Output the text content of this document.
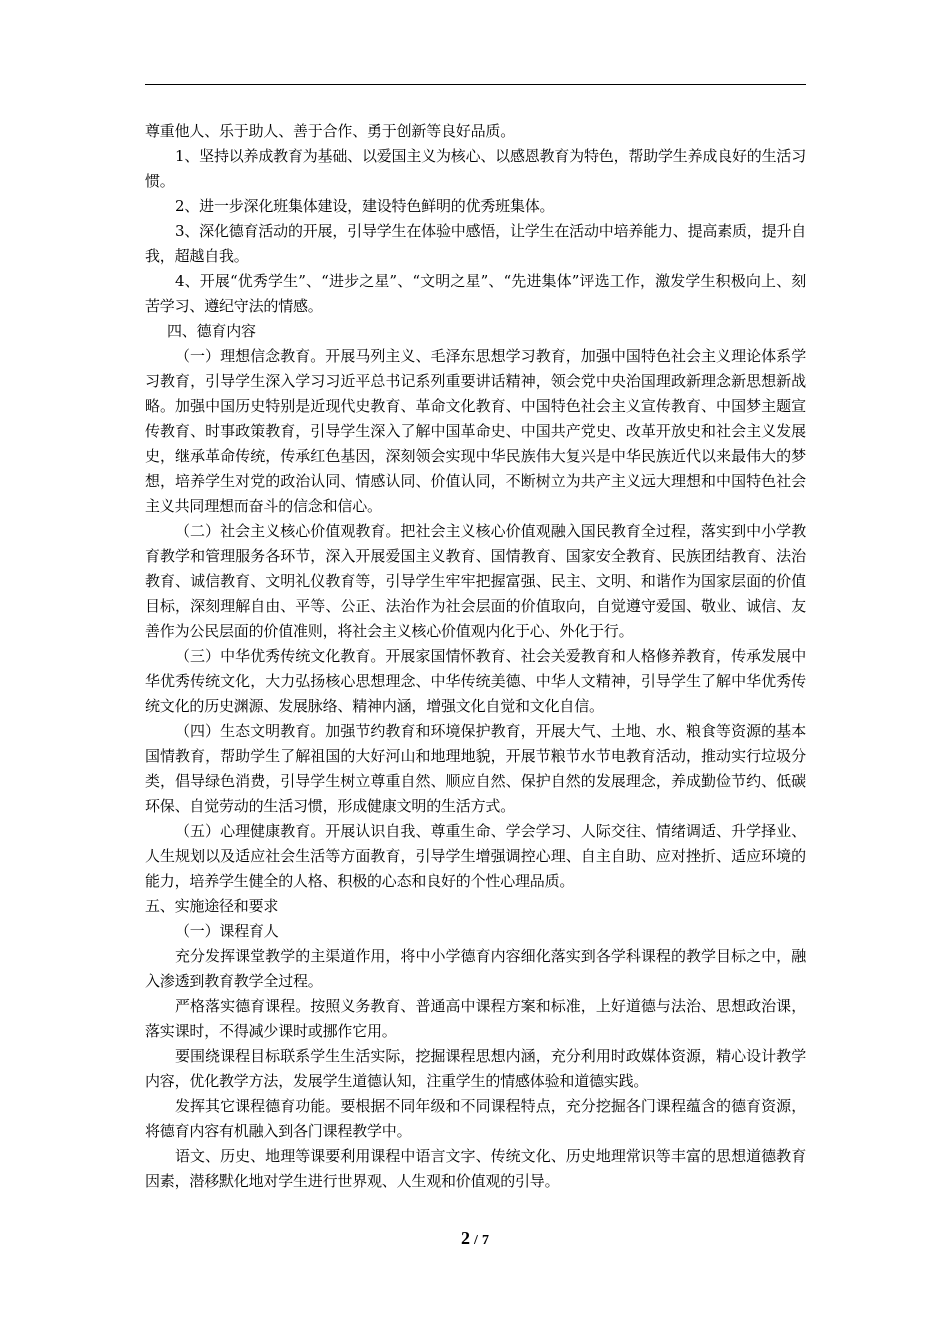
尊重他人、乐于助人、善于合作、勇于创新等良好品质。

1、坚持以养成教育为基础、以爱国主义为核心、以感恩教育为特色，帮助学生养成良好的生活习惯。

2、进一步深化班集体建设，建设特色鲜明的优秀班集体。

3、深化德育活动的开展，引导学生在体验中感悟，让学生在活动中培养能力、提高素质，提升自我，超越自我。

4、开展“优秀学生”、“进步之星”、“文明之星”、“先进集体”评选工作，激发学生积极向上、刻苦学习、遵纪守法的情感。

四、德育内容

（一）理想信念教育。开展马列主义、毛泽东思想学习教育，加强中国特色社会主义理论体系学习教育，引导学生深入学习习近平总书记系列重要讲话精神，领会党中央治国理政新理念新思想新战略。加强中国历史特别是近现代史教育、革命文化教育、中国特色社会主义宣传教育、中国梦主题宣传教育、时事政策教育，引导学生深入了解中国革命史、中国共产党史、改革开放史和社会主义发展史，继承革命传统，传承红色基因，深刻领会实现中华民族伟大复兴是中华民族近代以来最伟大的梦想，培养学生对党的政治认同、情感认同、价值认同，不断树立为共产主义远大理想和中国特色社会主义共同理想而奋斗的信念和信心。

（二）社会主义核心价值观教育。把社会主义核心价值观融入国民教育全过程，落实到中小学教育教学和管理服务各环节，深入开展爱国主义教育、国情教育、国家安全教育、民族团结教育、法治教育、诚信教育、文明礼仪教育等，引导学生牢牢把握富强、民主、文明、和谐作为国家层面的价值目标，深刻理解自由、平等、公正、法治作为社会层面的价值取向，自觉遵守爱国、敬业、诚信、友善作为公民层面的价值准则，将社会主义核心价值观内化于心、外化于行。

（三）中华优秀传统文化教育。开展家国情怀教育、社会关爱教育和人格修养教育，传承发展中华优秀传统文化，大力弘扬核心思想理念、中华传统美德、中华人文精神，引导学生了解中华优秀传统文化的历史渊源、发展脉络、精神内涵，增强文化自觉和文化自信。

（四）生态文明教育。加强节约教育和环境保护教育，开展大气、土地、水、粮食等资源的基本国情教育，帮助学生了解祖国的大好河山和地理地貌，开展节粮节水节电教育活动，推动实行垃圾分类，倡导绿色消费，引导学生树立尊重自然、顺应自然、保护自然的发展理念，养成勤俭节约、低碳环保、自觉劳动的生活习惯，形成健康文明的生活方式。

（五）心理健康教育。开展认识自我、尊重生命、学会学习、人际交往、情绪调适、升学择业、人生规划以及适应社会生活等方面教育，引导学生增强调控心理、自主自助、应对挫折、适应环境的能力，培养学生健全的人格、积极的心态和良好的个性心理品质。

五、实施途径和要求

（一）课程育人

充分发挥课堂教学的主渠道作用，将中小学德育内容细化落实到各学科课程的教学目标之中，融入渗透到教育教学全过程。

严格落实德育课程。按照义务教育、普通高中课程方案和标准，上好道德与法治、思想政治课，落实课时，不得减少课时或挪作它用。

要围绕课程目标联系学生生活实际，挖掘课程思想内涵，充分利用时政媒体资源，精心设计教学内容，优化教学方法，发展学生道德认知，注重学生的情感体验和道德实践。

发挥其它课程德育功能。要根据不同年级和不同课程特点，充分挖掘各门课程蕴含的德育资源，将德育内容有机融入到各门课程教学中。

语文、历史、地理等课要利用课程中语言文字、传统文化、历史地理常识等丰富的思想道德教育因素，潜移默化地对学生进行世界观、人生观和价值观的引导。

2 / 7
